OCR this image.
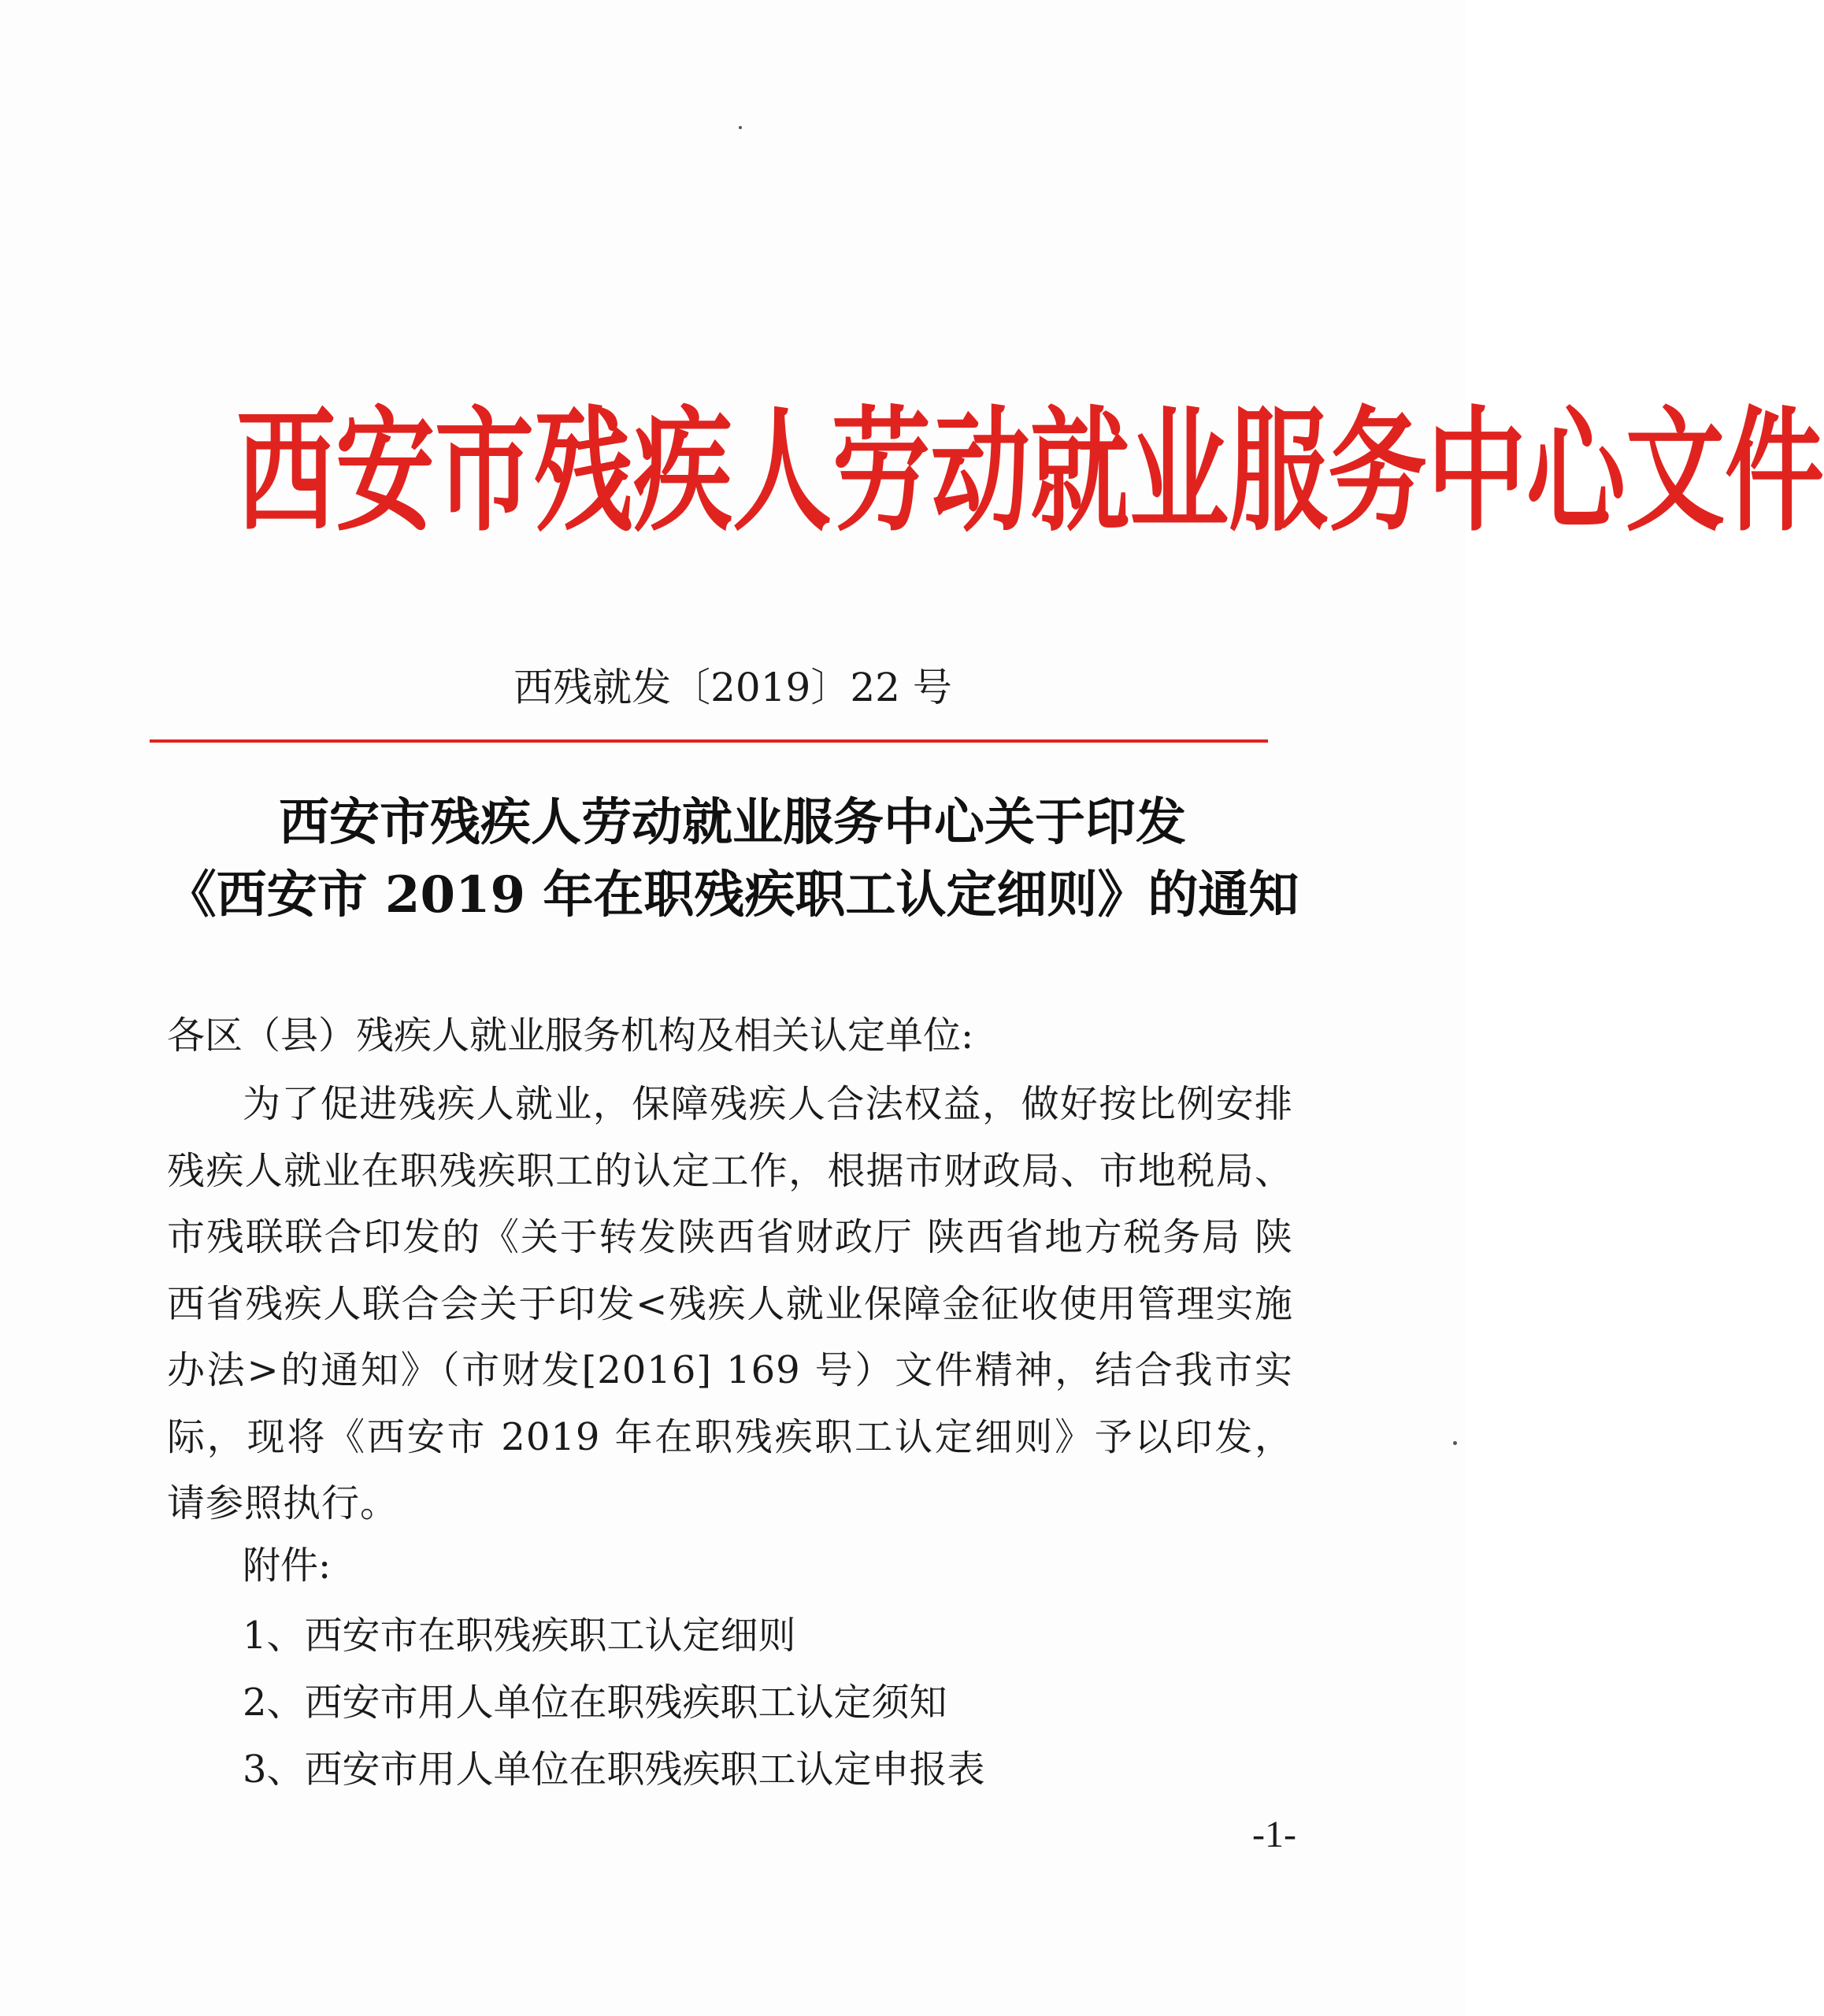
西安市残疾人劳动就业服务中心文件
西残就发〔2019〕22 号
西安市残疾人劳动就业服务中心关于印发
《西安市 2019 年在职残疾职工认定细则》的通知
各区（县）残疾人就业服务机构及相关认定单位:
为了促进残疾人就业，保障残疾人合法权益，做好按比例安排残疾人就业在职残疾职工的认定工作，根据市财政局、市地税局、市残联联合印发的《关于转发陕西省财政厅 陕西省地方税务局 陕西省残疾人联合会关于印发<残疾人就业保障金征收使用管理实施办法>的通知》（市财发[2016] 169 号）文件精神，结合我市实际，现将《西安市 2019 年在职残疾职工认定细则》予以印发，请参照执行。
附件:
1、西安市在职残疾职工认定细则
2、西安市用人单位在职残疾职工认定须知
3、西安市用人单位在职残疾职工认定申报表
-1-
